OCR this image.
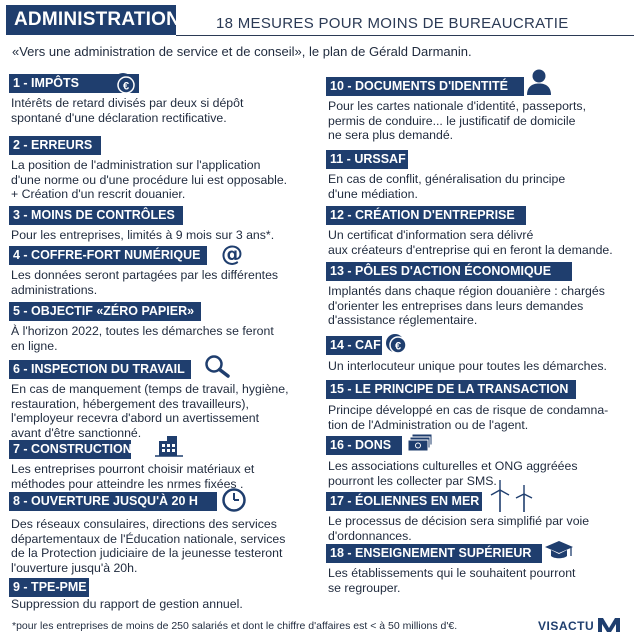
ADMINISTRATION 18 MESURES POUR MOINS DE BUREAUCRATIE
«Vers une administration de service et de conseil», le plan de Gérald Darmanin.
1 - IMPÔTS
Intérêts de retard divisés par deux si dépôt
spontané d'une déclaration rectificative.
€
2 - ERREURS
La position de l'administration sur l'application
d'une norme ou d'une procédure lui est opposable.
+ Création d'un rescrit douanier.
3 - MOINS DE CONTRÔLES
Pour les entreprises, limités à 9 mois sur 3 ans*.
4 - COFFRE-FORT NUMÉRIQUE
Les données seront partagées par les différentes
administrations.
@
5 - OBJECTIF «ZÉRO PAPIER»
À l'horizon 2022, toutes les démarches se feront
en ligne.
6 - INSPECTION DU TRAVAIL
En cas de manquement (temps de travail, hygiène,
restauration, hébergement des travailleurs),
l'employeur recevra d'abord un avertissement
avant d'être sanctionné.
7 - CONSTRUCTION
Les entreprises pourront choisir matériaux et
méthodes pour atteindre les nrmes fixées .
8 - OUVERTURE JUSQU'À 20 H
Des réseaux consulaires, directions des services
départementaux de l'Éducation nationale, services
de la Protection judiciaire de la jeunesse testeront
l'ouverture jusqu'à 20h.
9 - TPE-PME
Suppression du rapport de gestion annuel.
10 - DOCUMENTS D'IDENTITÉ
Pour les cartes nationale d'identité, passeports,
permis de conduire... le justificatif de domicile
ne sera plus demandé.
11 - URSSAF
En cas de conflit, généralisation du principe
d'une médiation.
12 - CRÉATION D'ENTREPRISE
Un certificat d'information sera délivré
aux créateurs d'entreprise qui en feront la demande.
13 - PÔLES D'ACTION ÉCONOMIQUE
Implantés dans chaque région douanière : chargés
d'orienter les entreprises dans leurs demandes
d'assistance réglementaire.
14 - CAF
Un interlocuteur unique pour toutes les démarches.
€
15 - LE PRINCIPE DE LA TRANSACTION
Principe développé en cas de risque de condamna-
tion de l'Administration ou de l'agent.
16 - DONS
Les associations culturelles et ONG aggréées
pourront les collecter par SMS.
17 - ÉOLIENNES EN MER
Le processus de décision sera simplifié par voie
d'ordonnances.
18 - ENSEIGNEMENT SUPÉRIEUR
Les établissements qui le souhaitent pourront
se regrouper.
*pour les entreprises de moins de 250 salariés et dont le chiffre d'affaires est < à 50 millions d'€.	VISACTU
